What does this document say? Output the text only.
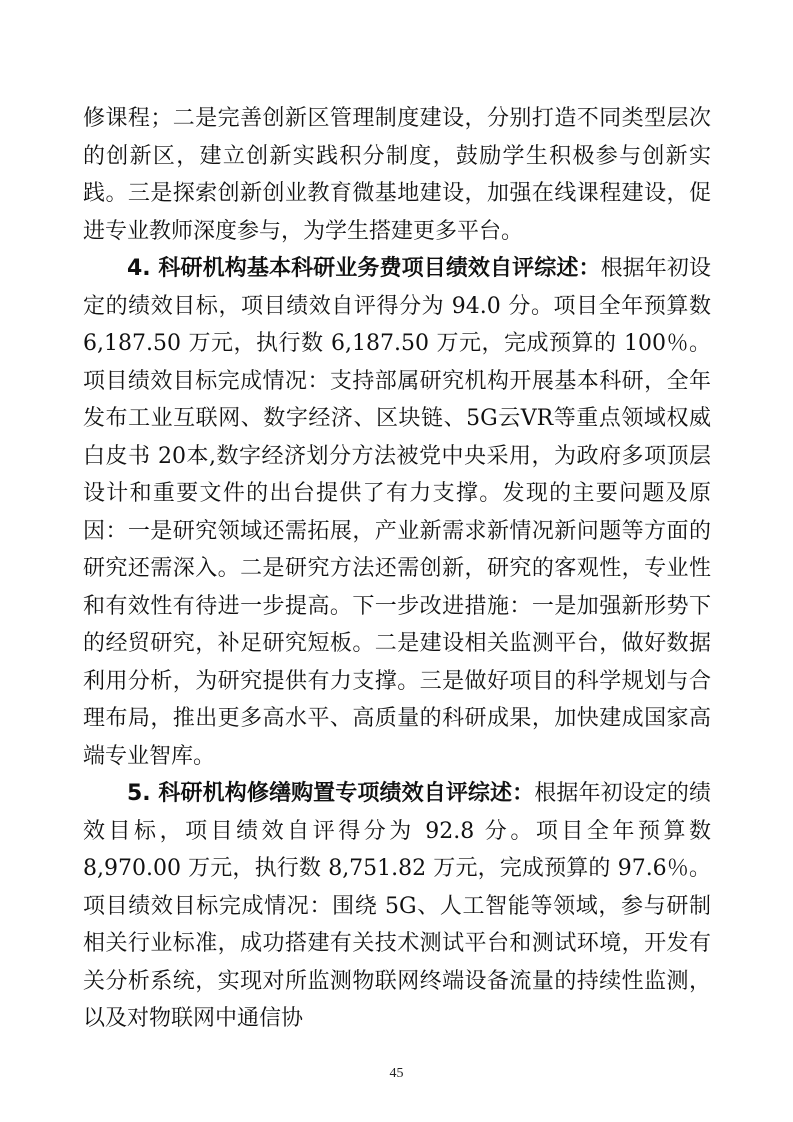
修课程；二是完善创新区管理制度建设，分别打造不同类型层次的创新区，建立创新实践积分制度，鼓励学生积极参与创新实践。三是探索创新创业教育微基地建设，加强在线课程建设，促进专业教师深度参与，为学生搭建更多平台。

4. 科研机构基本科研业务费项目绩效自评综述：根据年初设定的绩效目标，项目绩效自评得分为 94.0 分。项目全年预算数 6,187.50 万元，执行数 6,187.50 万元，完成预算的 100％。项目绩效目标完成情况：支持部属研究机构开展基本科研，全年发布工业互联网、数字经济、区块链、5G云VR等重点领域权威白皮书 20本,数字经济划分方法被党中央采用，为政府多项顶层设计和重要文件的出台提供了有力支撑。发现的主要问题及原因：一是研究领域还需拓展，产业新需求新情况新问题等方面的研究还需深入。二是研究方法还需创新，研究的客观性，专业性和有效性有待进一步提高。下一步改进措施：一是加强新形势下的经贸研究，补足研究短板。二是建设相关监测平台，做好数据利用分析，为研究提供有力支撑。三是做好项目的科学规划与合理布局，推出更多高水平、高质量的科研成果，加快建成国家高端专业智库。

5. 科研机构修缮购置专项绩效自评综述：根据年初设定的绩效目标，项目绩效自评得分为 92.8 分。项目全年预算数 8,970.00 万元，执行数 8,751.82 万元，完成预算的 97.6％。项目绩效目标完成情况：围绕 5G、人工智能等领域，参与研制相关行业标准，成功搭建有关技术测试平台和测试环境，开发有关分析系统，实现对所监测物联网终端设备流量的持续性监测，以及对物联网中通信协

45
